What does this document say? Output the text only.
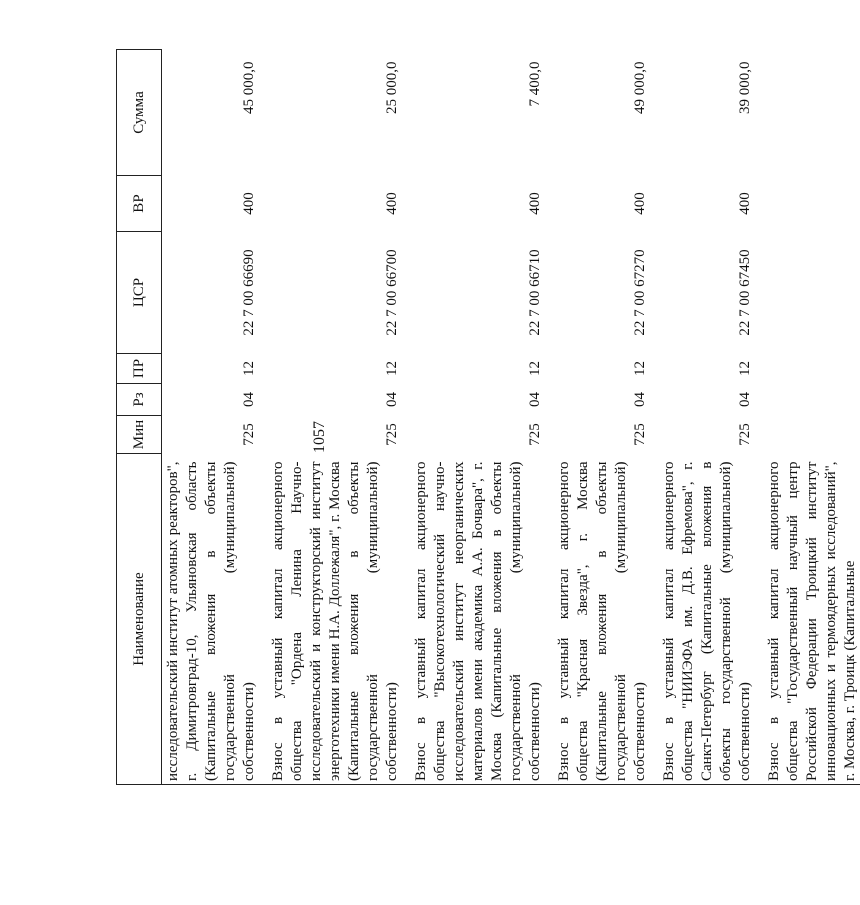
1057
Наименование	Мин	Рз	ПР	ЦСР	ВР	Сумма
исследовательский институт атомных реакторов", г. Димитровград-10, Ульяновская область (Капитальные вложения в объекты государственной (муниципальной) собственности)	725	04	12	22 7 00 66690	400	45 000,0
Взнос в уставный капитал акционерного общества "Ордена Ленина Научно-исследовательский и конструкторский институт энерготехники имени Н.А. Доллежаля", г. Москва (Капитальные вложения в объекты государственной (муниципальной) собственности)	725	04	12	22 7 00 66700	400	25 000,0
Взнос в уставный капитал акционерного общества "Высокотехнологический научно-исследовательский институт неорганических материалов имени академика А.А. Бочвара", г. Москва (Капитальные вложения в объекты государственной (муниципальной) собственности)	725	04	12	22 7 00 66710	400	7 400,0
Взнос в уставный капитал акционерного общества "Красная Звезда", г. Москва (Капитальные вложения в объекты государственной (муниципальной) собственности)	725	04	12	22 7 00 67270	400	49 000,0
Взнос в уставный капитал акционерного общества "НИИЭФА им. Д.В. Ефремова", г. Санкт-Петербург (Капитальные вложения в объекты государственной (муниципальной) собственности)	725	04	12	22 7 00 67450	400	39 000,0
Взнос в уставный капитал акционерного общества "Государственный научный центр Российской Федерации Троицкий институт инновационных и термоядерных исследований", г. Москва, г. Троицк (Капитальные						
